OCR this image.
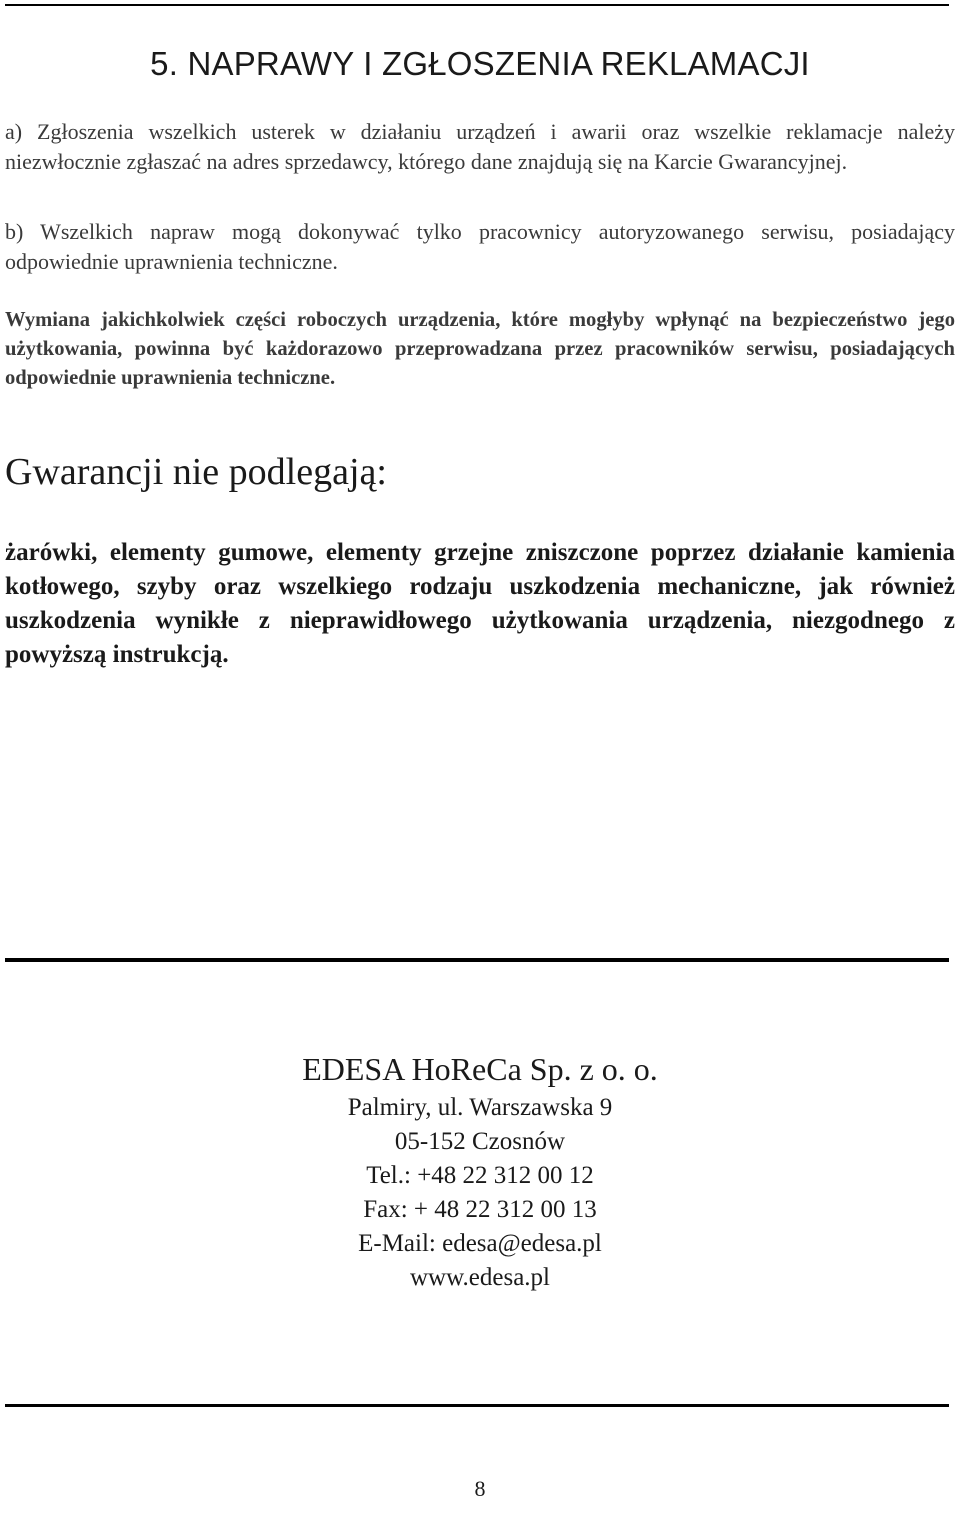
5. NAPRAWY I ZGŁOSZENIA REKLAMACJI

a) Zgłoszenia wszelkich usterek w działaniu urządzeń i awarii oraz wszelkie reklamacje należy niezwłocznie zgłaszać na adres sprzedawcy, którego dane znajdują się na Karcie Gwarancyjnej.

b) Wszelkich napraw mogą dokonywać tylko pracownicy autoryzowanego serwisu, posiadający odpowiednie uprawnienia techniczne.

Wymiana jakichkolwiek części roboczych urządzenia, które mogłyby wpłynąć na bezpieczeństwo jego użytkowania, powinna być każdorazowo przeprowadzana przez pracowników serwisu, posiadających odpowiednie uprawnienia techniczne.

Gwarancji nie podlegają:

żarówki, elementy gumowe, elementy grzejne zniszczone poprzez działanie kamienia kotłowego, szyby oraz wszelkiego rodzaju uszkodzenia mechaniczne, jak również uszkodzenia wynikłe z nieprawidłowego użytkowania urządzenia, niezgodnego z powyższą instrukcją.

EDESA HoReCa Sp. z o. o.

Palmiry, ul. Warszawska 9

05-152 Czosnów

Tel.: +48 22 312 00 12

Fax: + 48 22 312 00 13

E-Mail: edesa@edesa.pl

www.edesa.pl

8
